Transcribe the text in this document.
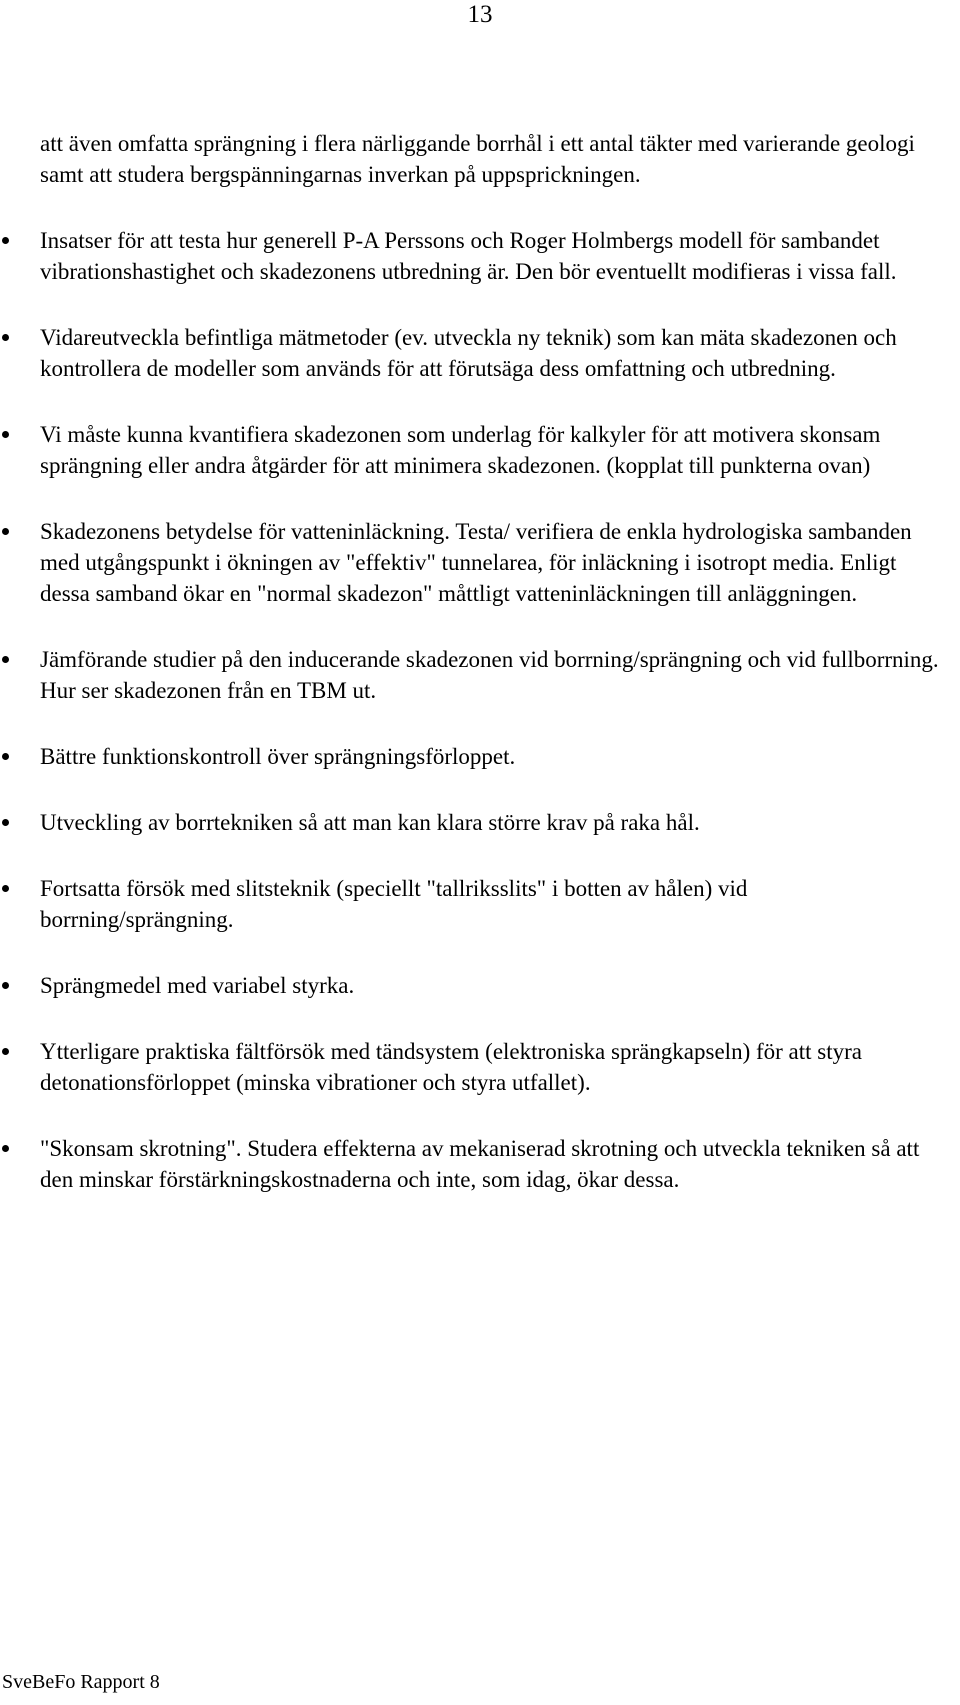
13

att även omfatta sprängning i flera närliggande borrhål i ett antal täkter med varierande geologi samt att studera bergspänningarnas inverkan på uppsprickningen.

Insatser för att testa hur generell P-A Perssons och Roger Holmbergs modell för sambandet vibrationshastighet och skadezonens utbredning är. Den bör eventuellt modifieras i vissa fall.
Vidareutveckla befintliga mätmetoder (ev. utveckla ny teknik) som kan mäta skadezonen och kontrollera de modeller som används för att förutsäga dess omfattning och utbredning.
Vi måste kunna kvantifiera skadezonen som underlag för kalkyler för att motivera skonsam sprängning eller andra åtgärder för att minimera skadezonen. (kopplat till punkterna ovan)
Skadezonens betydelse för vatteninläckning. Testa/ verifiera de enkla hydrologiska sambanden med utgångspunkt i ökningen av "effektiv" tunnelarea, för inläckning i isotropt media. Enligt dessa samband ökar en "normal skadezon" måttligt vatteninläckningen till anläggningen.
Jämförande studier på den inducerande skadezonen vid borrning/sprängning och vid fullborrning. Hur ser skadezonen från en TBM ut.
Bättre funktionskontroll över sprängningsförloppet.
Utveckling av borrtekniken så att man kan klara större krav på raka hål.
Fortsatta försök med slitsteknik (speciellt "tallriksslits" i botten av hålen) vid borrning/sprängning.
Sprängmedel med variabel styrka.
Ytterligare praktiska fältförsök med tändsystem (elektroniska sprängkapseln) för att styra detonationsförloppet (minska vibrationer och styra utfallet).
"Skonsam skrotning". Studera effekterna av mekaniserad skrotning och utveckla tekniken så att den minskar förstärkningskostnaderna och inte, som idag, ökar dessa.
SveBeFo Rapport 8
